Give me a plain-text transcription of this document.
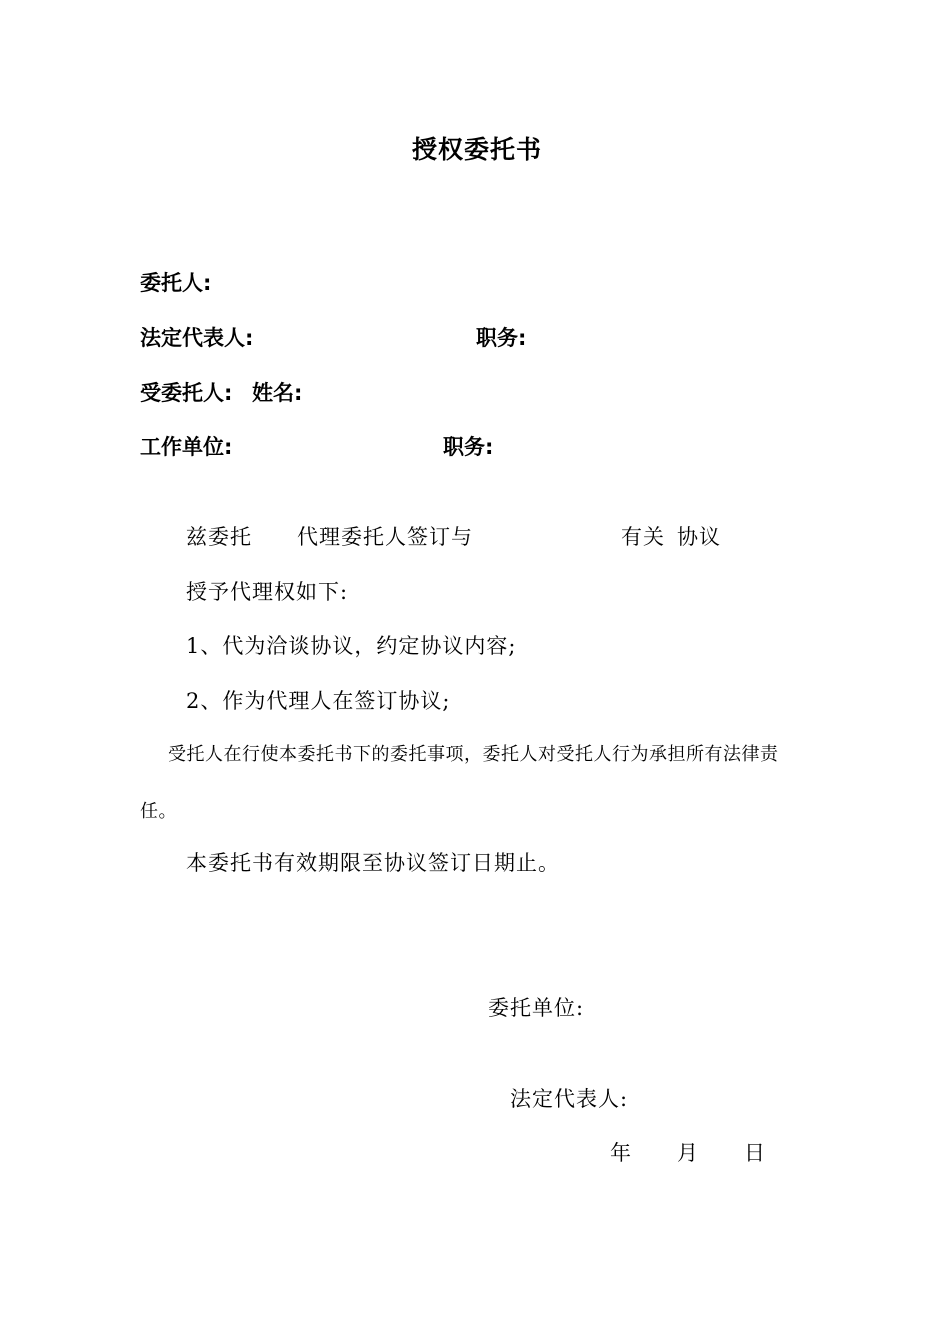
授权委托书
委托人:
法定代表人:	职务:
受委托人: 姓名:
工作单位:	职务:
兹委托 代理委托人签订与	有关 协议
授予代理权如下:
1、代为洽谈协议，约定协议内容;
2、作为代理人在签订协议;
受托人在行使本委托书下的委托事项，委托人对受托人行为承担所有法律责
任。
本委托书有效期限至协议签订日期止。
委托单位:
法定代表人:
年 月 日
